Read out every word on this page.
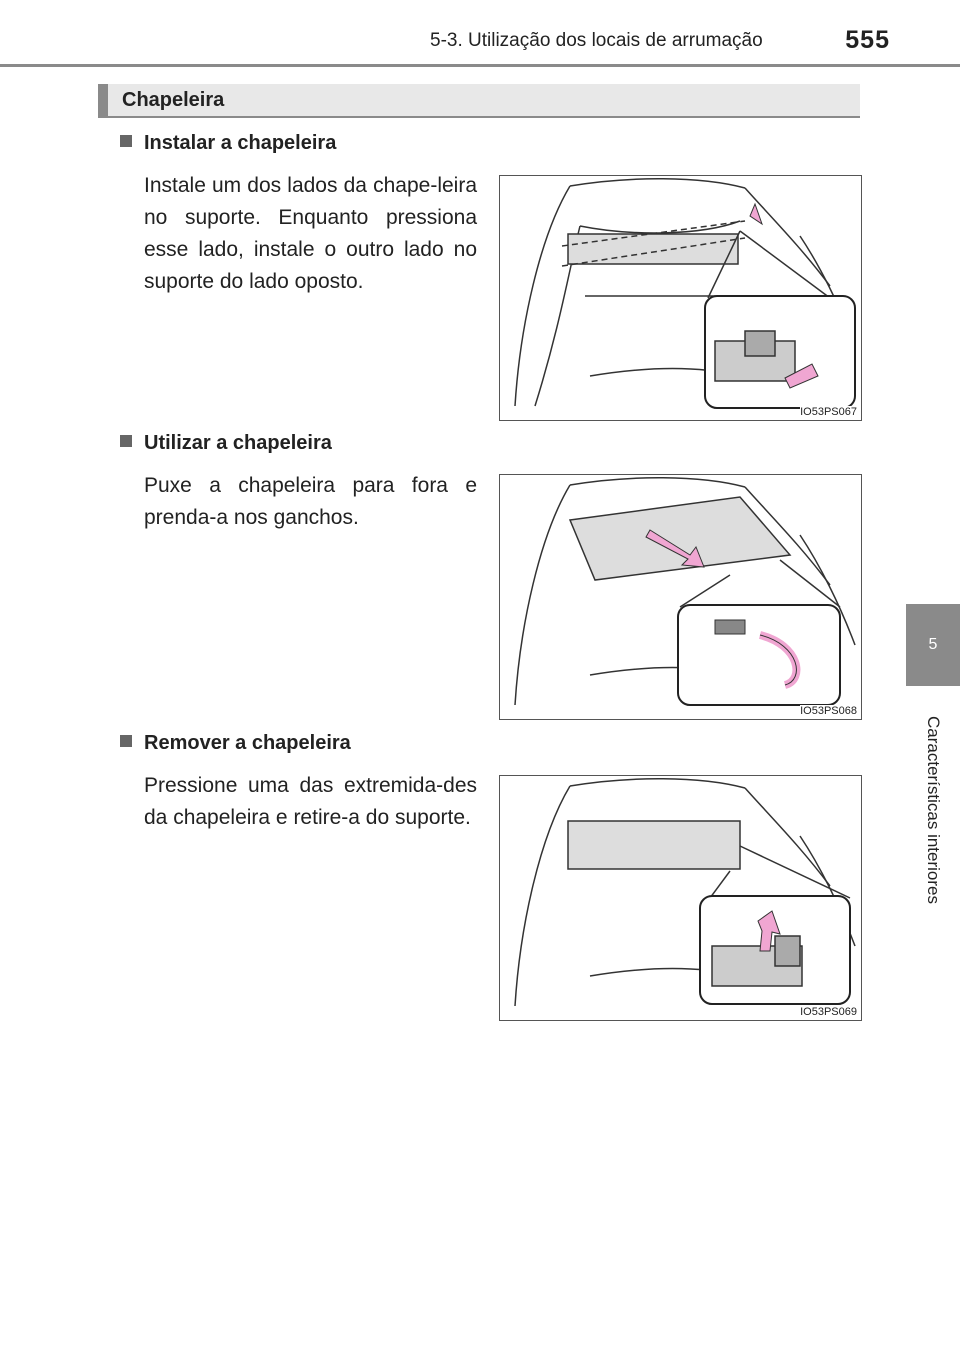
5-3. Utilização dos locais de arrumação	555
5
Características interiores
Chapeleira
Instalar a chapeleira
Instale um dos lados da chape-leira no suporte. Enquanto pressiona esse lado, instale o outro lado no suporte do lado oposto.
IO53PS067
Utilizar a chapeleira
Puxe a chapeleira para fora e prenda-a nos ganchos.
IO53PS068
Remover a chapeleira
Pressione uma das extremida-des da chapeleira e retire-a do suporte.
IO53PS069
